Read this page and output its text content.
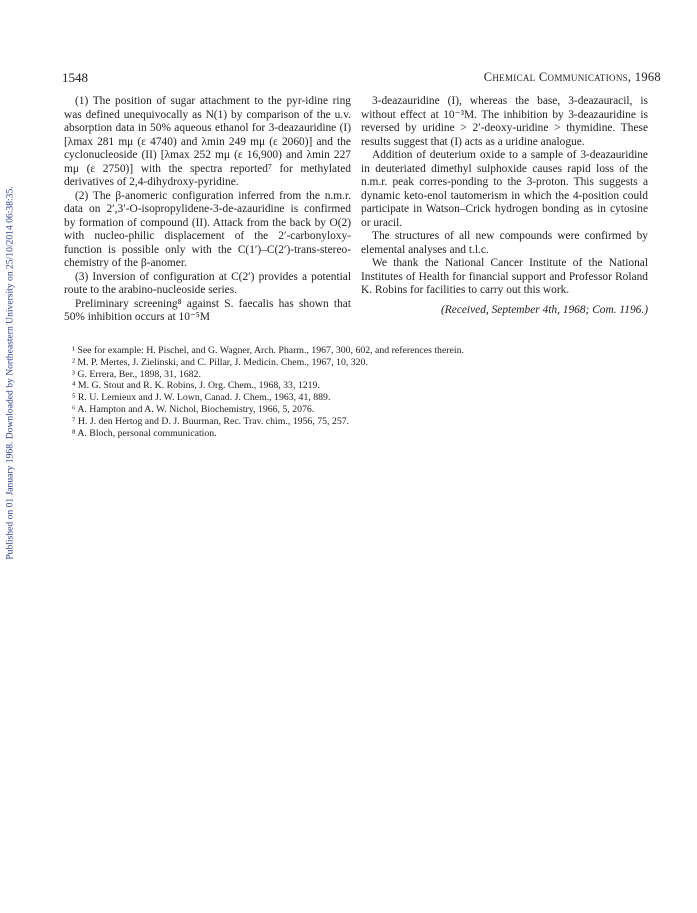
Published on 01 January 1968. Downloaded by Northeastern University on 25/10/2014 06:38:35.
1548	Chemical Communications, 1968

(1) The position of sugar attachment to the pyr-idine ring was defined unequivocally as N(1) by comparison of the u.v. absorption data in 50% aqueous ethanol for 3-deazauridine (I) [λmax 281 mμ (ε 4740) and λmin 249 mμ (ε 2060)] and the cyclonucleoside (II) [λmax 252 mμ (ε 16,900) and λmin 227 mμ (ε 2750)] with the spectra reported⁷ for methylated derivatives of 2,4-dihydroxy-pyridine.

(2) The β-anomeric configuration inferred from the n.m.r. data on 2′,3′-O-isopropylidene-3-de-azauridine is confirmed by formation of compound (II). Attack from the back by O(2) with nucleo-philic displacement of the 2′-carbonyloxy-function is possible only with the C(1′)–C(2′)-trans-stereo-chemistry of the β-anomer.

(3) Inversion of configuration at C(2′) provides a potential route to the arabino-nucleoside series.

Preliminary screening⁸ against S. faecalis has shown that 50% inhibition occurs at 10⁻⁵M

3-deazauridine (I), whereas the base, 3-deazauracil, is without effect at 10⁻³M. The inhibition by 3-deazauridine is reversed by uridine > 2′-deoxy-uridine > thymidine. These results suggest that (I) acts as a uridine analogue.

Addition of deuterium oxide to a sample of 3-deazauridine in deuteriated dimethyl sulphoxide causes rapid loss of the n.m.r. peak corres-ponding to the 3-proton. This suggests a dynamic keto-enol tautomerism in which the 4-position could participate in Watson–Crick hydrogen bonding as in cytosine or uracil.

The structures of all new compounds were confirmed by elemental analyses and t.l.c.

We thank the National Cancer Institute of the National Institutes of Health for financial support and Professor Roland K. Robins for facilities to carry out this work.

(Received, September 4th, 1968; Com. 1196.)

¹ See for example: H. Pischel, and G. Wagner, Arch. Pharm., 1967, 300, 602, and references therein.
² M. P. Mertes, J. Zielinski, and C. Pillar, J. Medicin. Chem., 1967, 10, 320.
³ G. Errera, Ber., 1898, 31, 1682.
⁴ M. G. Stout and R. K. Robins, J. Org. Chem., 1968, 33, 1219.
⁵ R. U. Lemieux and J. W. Lown, Canad. J. Chem., 1963, 41, 889.
⁶ A. Hampton and A. W. Nichol, Biochemistry, 1966, 5, 2076.
⁷ H. J. den Hertog and D. J. Buurman, Rec. Trav. chim., 1956, 75, 257.
⁸ A. Bloch, personal communication.
